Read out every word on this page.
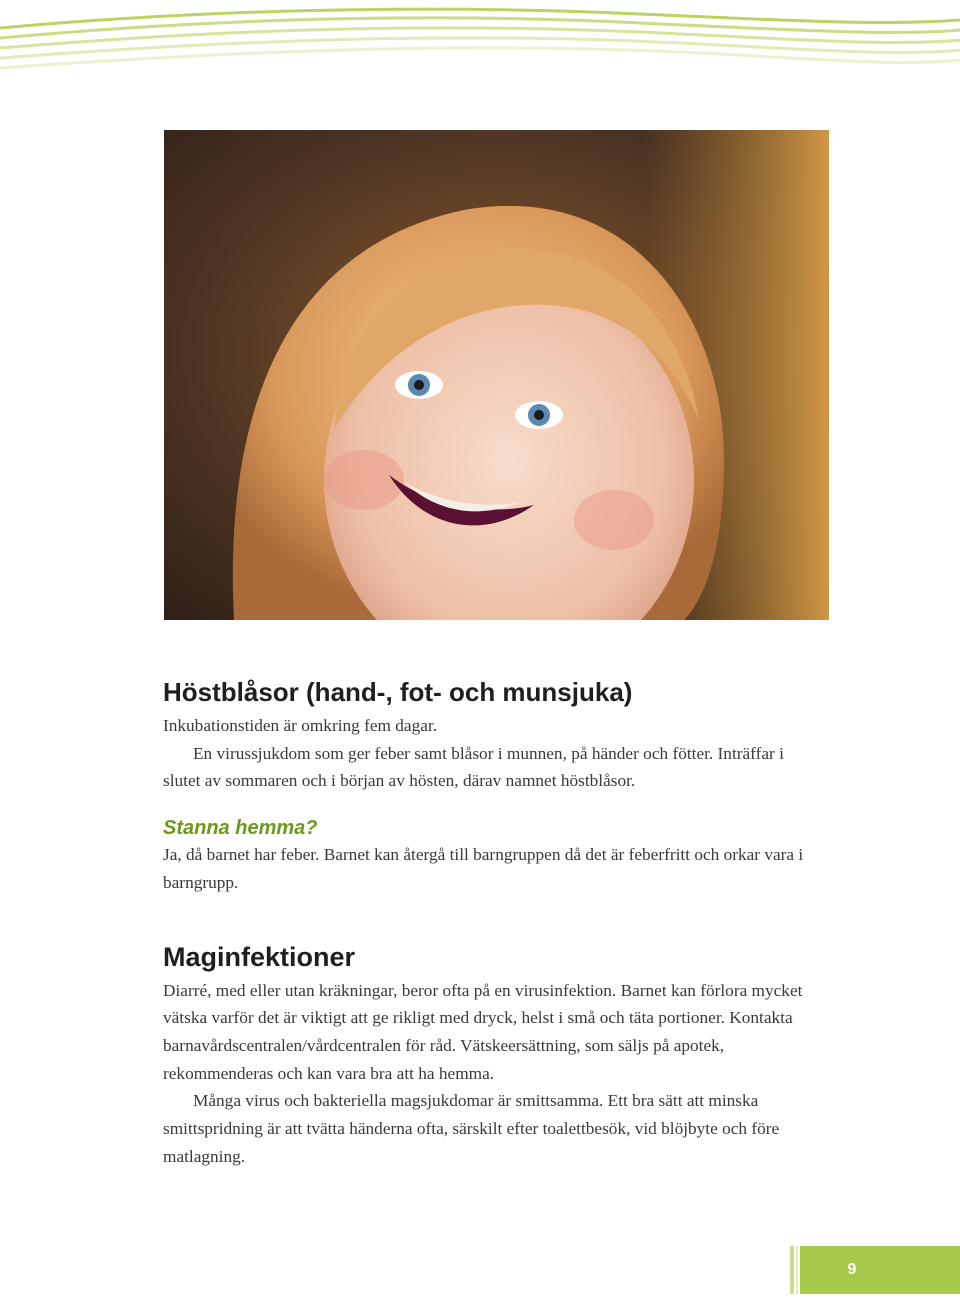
Höstblåsor (hand-, fot- och munsjuka)

Inkubationstiden är omkring fem dagar.

En virussjukdom som ger feber samt blåsor i munnen, på händer och fötter. Inträffar i slutet av sommaren och i början av hösten, därav namnet höstblåsor.

Stanna hemma?

Ja, då barnet har feber. Barnet kan återgå till barngruppen då det är feberfritt och orkar vara i barngrupp.

Maginfektioner

Diarré, med eller utan kräkningar, beror ofta på en virusinfektion. Barnet kan förlora mycket vätska varför det är viktigt att ge rikligt med dryck, helst i små och täta portioner. Kontakta barnavårdscentralen/vårdcentralen för råd. Vätskeersättning, som säljs på apotek, rekommenderas och kan vara bra att ha hemma.

Många virus och bakteriella magsjukdomar är smittsamma. Ett bra sätt att minska smittspridning är att tvätta händerna ofta, särskilt efter toalettbesök, vid blöjbyte och före matlagning.

9
